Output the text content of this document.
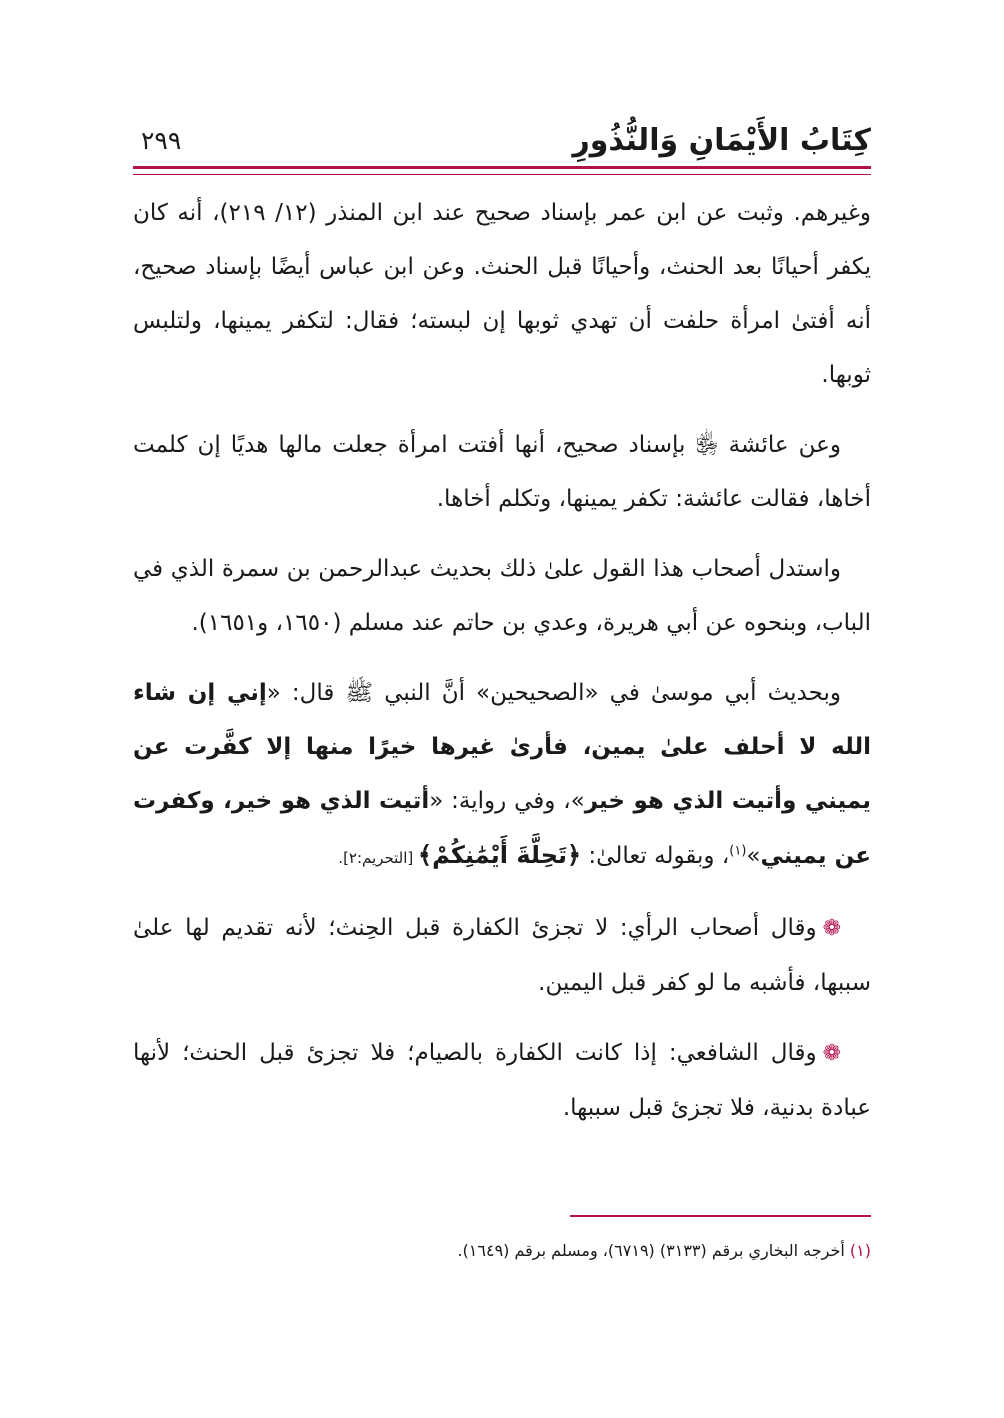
كِتَابُ الأَيْمَانِ وَالنُّذُورِ
٢٩٩

وغيرهم. وثبت عن ابن عمر بإسناد صحيح عند ابن المنذر (١٢/ ٢١٩)، أنه كان يكفر أحيانًا بعد الحنث، وأحيانًا قبل الحنث. وعن ابن عباس أيضًا بإسناد صحيح، أنه أفتىٰ امرأة حلفت أن تهدي ثوبها إن لبسته؛ فقال: لتكفر يمينها، ولتلبس ثوبها.

وعن عائشة ﵂ بإسناد صحيح، أنها أفتت امرأة جعلت مالها هديًا إن كلمت أخاها، فقالت عائشة: تكفر يمينها، وتكلم أخاها.

واستدل أصحاب هذا القول علىٰ ذلك بحديث عبدالرحمن بن سمرة الذي في الباب، وبنحوه عن أبي هريرة، وعدي بن حاتم عند مسلم (١٦٥٠، و١٦٥١).

وبحديث أبي موسىٰ في «الصحيحين» أنَّ النبي ﷺ قال: «إني إن شاء الله لا أحلف علىٰ يمين، فأرىٰ غيرها خيرًا منها إلا كفَّرت عن يميني وأتيت الذي هو خير»، وفي رواية: «أتيت الذي هو خير، وكفرت عن يميني»$^{(١)}$، وبقوله تعالىٰ: ﴿تَحِلَّةَ أَيْمَٰنِكُمْ﴾ [التحريم:٢].

❁وقال أصحاب الرأي: لا تجزئ الكفارة قبل الحِنث؛ لأنه تقديم لها علىٰ سببها، فأشبه ما لو كفر قبل اليمين.

❁وقال الشافعي: إذا كانت الكفارة بالصيام؛ فلا تجزئ قبل الحنث؛ لأنها عبادة بدنية، فلا تجزئ قبل سببها.

(١) أخرجه البخاري برقم (٣١٣٣) (٦٧١٩)، ومسلم برقم (١٦٤٩).
